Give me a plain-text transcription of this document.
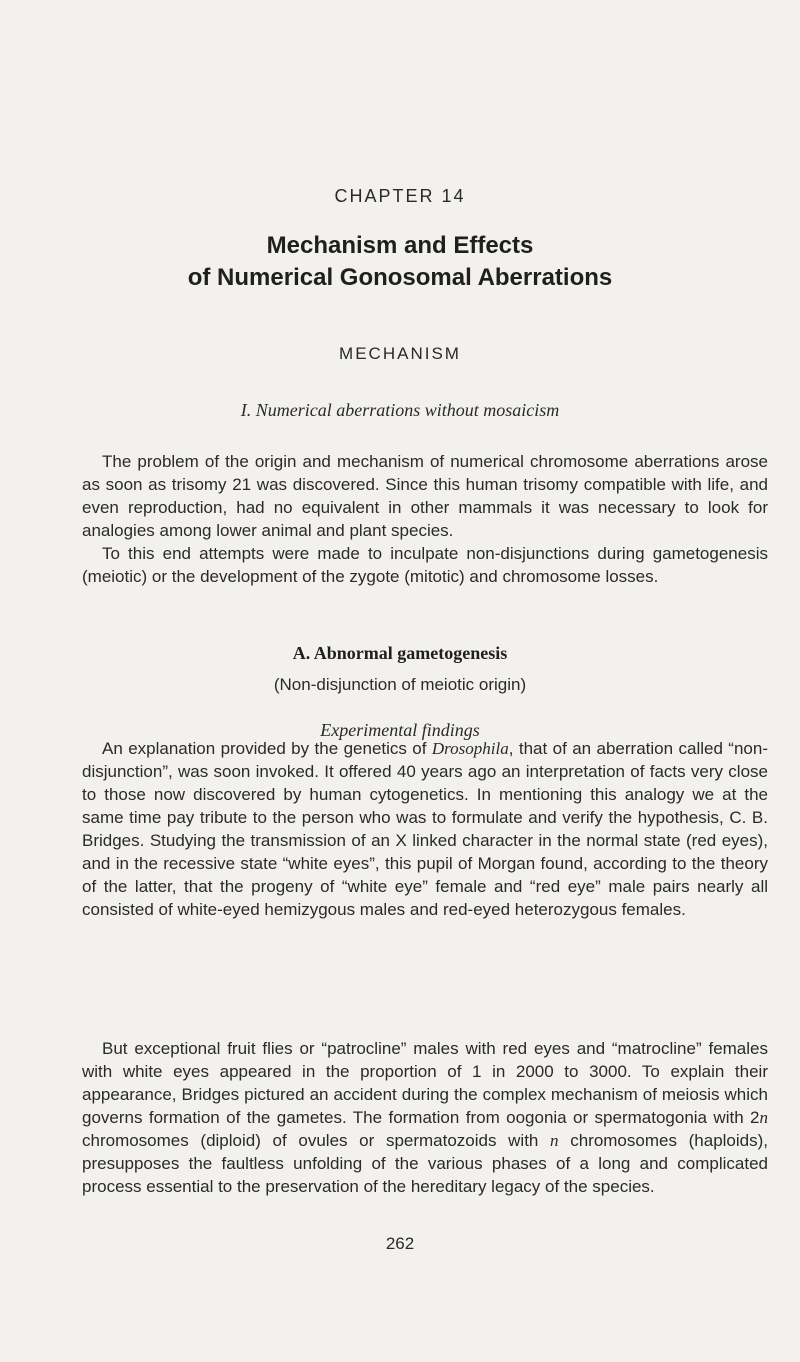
CHAPTER 14
Mechanism and Effects
of Numerical Gonosomal Aberrations
MECHANISM
I. Numerical aberrations without mosaicism

The problem of the origin and mechanism of numerical chromosome aberrations arose as soon as trisomy 21 was discovered. Since this human trisomy compatible with life, and even reproduction, had no equivalent in other mammals it was necessary to look for analogies among lower animal and plant species.

To this end attempts were made to inculpate non-disjunctions during gametogenesis (meiotic) or the development of the zygote (mitotic) and chromosome losses.

A. Abnormal gametogenesis
(Non-disjunction of meiotic origin)
Experimental findings

An explanation provided by the genetics of Drosophila, that of an aberration called “non-disjunction”, was soon invoked. It offered 40 years ago an interpretation of facts very close to those now discovered by human cytogenetics. In mentioning this analogy we at the same time pay tribute to the person who was to formulate and verify the hypothesis, C. B. Bridges. Studying the transmission of an X linked character in the normal state (red eyes), and in the recessive state “white eyes”, this pupil of Morgan found, according to the theory of the latter, that the progeny of “white eye” female and “red eye” male pairs nearly all consisted of white-eyed hemizygous males and red-eyed heterozygous females.

But exceptional fruit flies or “patrocline” males with red eyes and “matrocline” females with white eyes appeared in the proportion of 1 in 2000 to 3000. To explain their appearance, Bridges pictured an accident during the complex mechanism of meiosis which governs formation of the gametes. The formation from oogonia or spermatogonia with 2n chromosomes (diploid) of ovules or spermatozoids with n chromosomes (haploids), presupposes the faultless unfolding of the various phases of a long and complicated process essential to the preservation of the hereditary legacy of the species.

262
